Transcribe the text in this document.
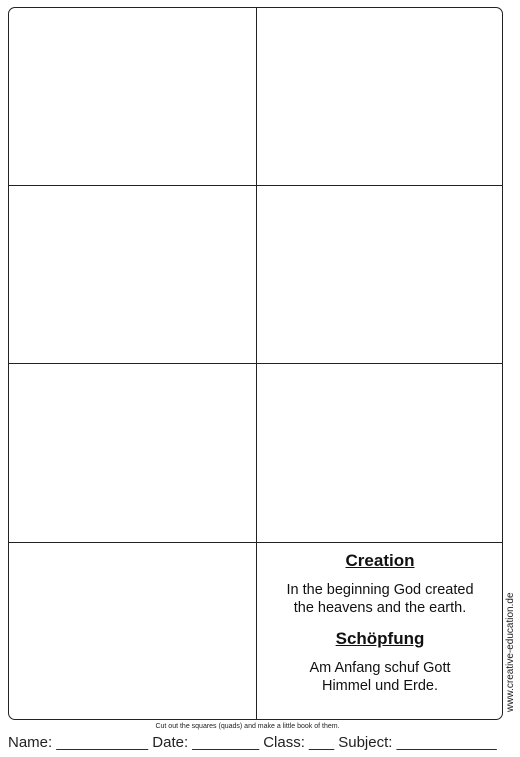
Creation
In the beginning God created
the heavens and the earth.
Schöpfung
Am Anfang schuf Gott
Himmel und Erde.	www.creative-education.de
Cut out the squares (quads) and make a little book of them.
Name: ___________ Date: ________ Class: ___ Subject: ____________
